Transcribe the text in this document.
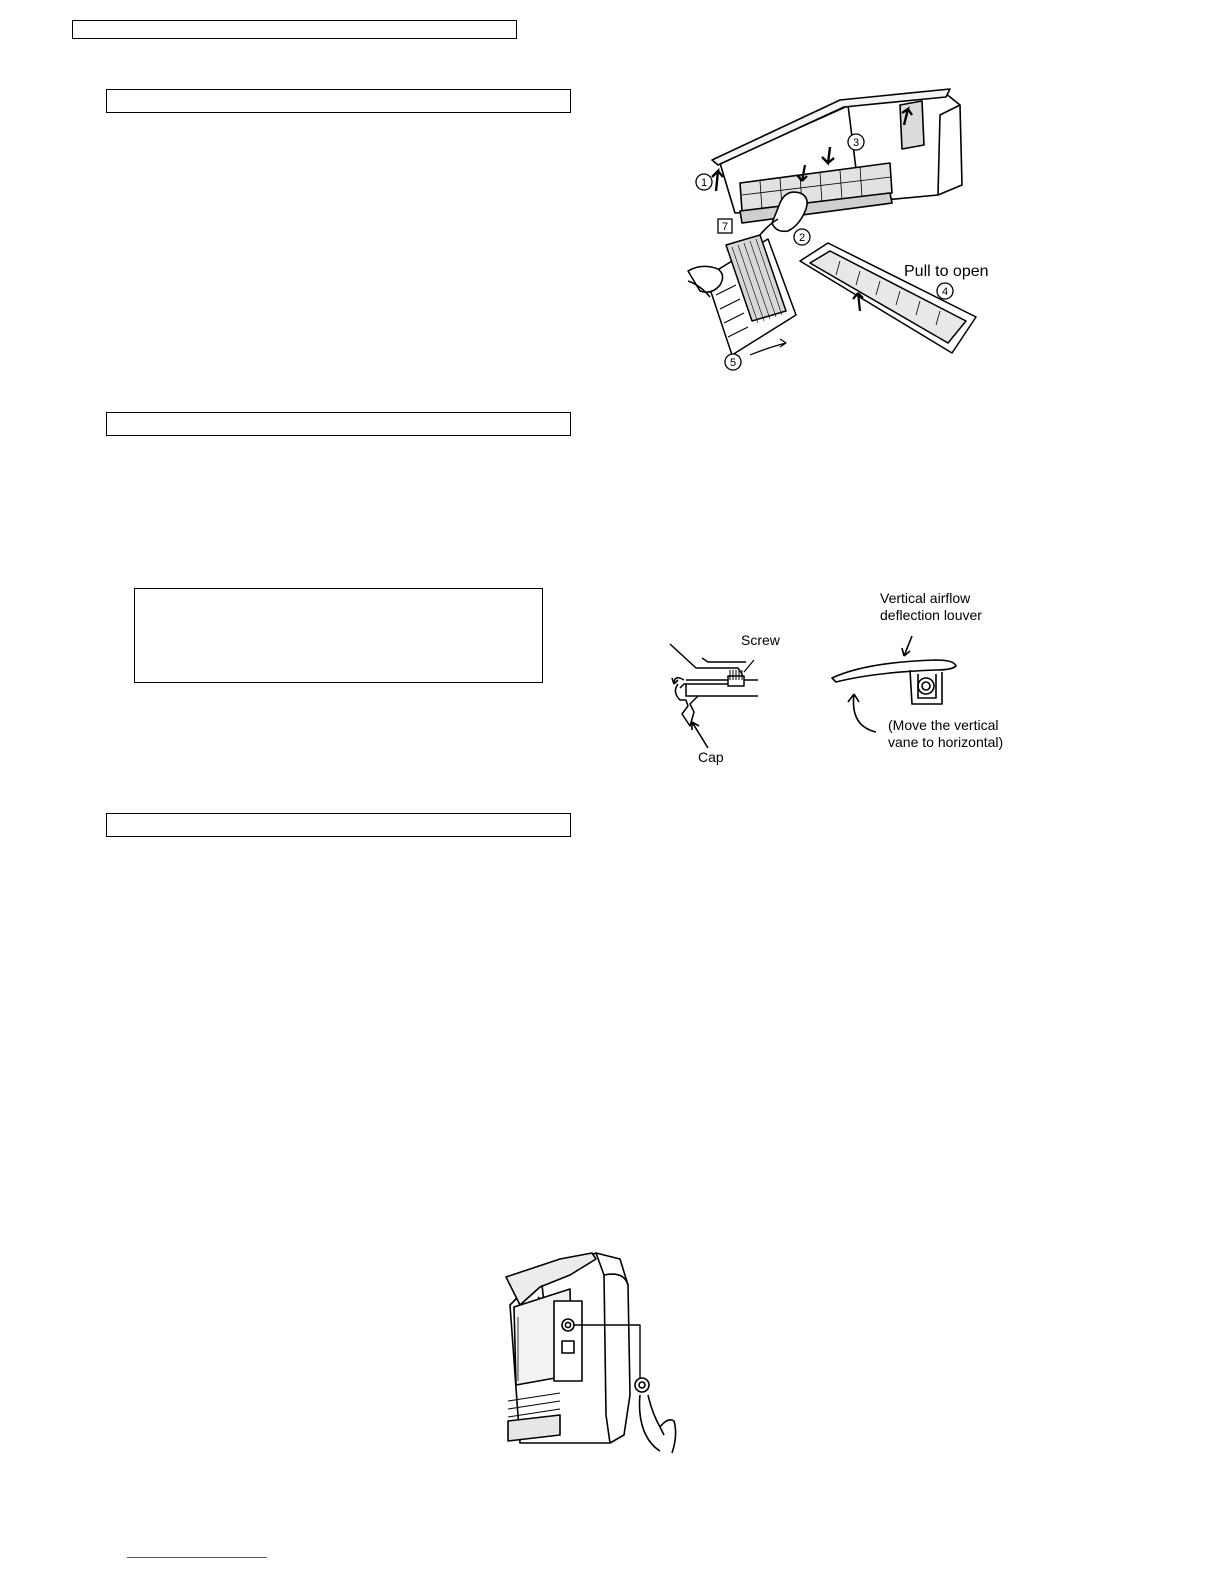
1
3
2
7
5
4
Pull to open
Screw
Cap
Vertical airflow
deflection louver
(Move the vertical
vane to horizontal)
